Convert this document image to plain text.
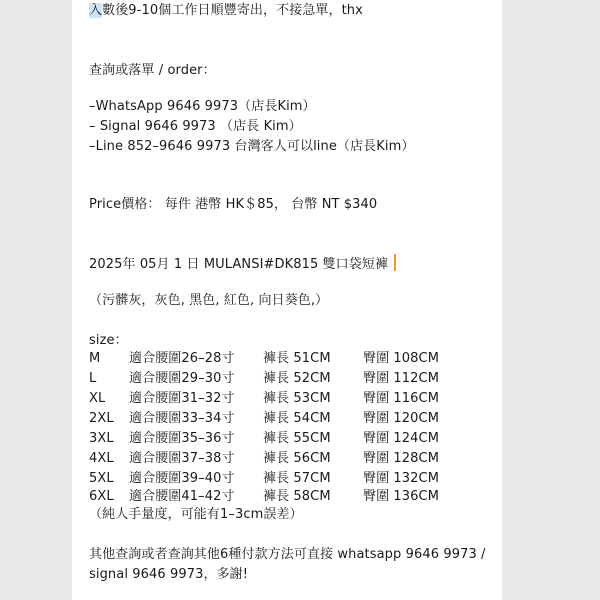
入數後9-10個工作日順豐寄出，不接急單，thx
查詢或落單 / order：
–WhatsApp 9646 9973（店長Kim）
– Signal 9646 9973 （店長 Kim）
–Line 852–9646 9973 台灣客人可以line（店長Kim）
Price價格： 每件 港幣 HK＄85， 台幣 NT $340
2025年 05月 1 日 MULANSI#DK815 雙口袋短褲
（污髒灰，灰色, 黑色, 紅色, 向日葵色,）
size：
M 適合腰圍26–28寸 褲長 51CM 臀圍 108CM
L	適合腰圍29–30寸 褲長 52CM 臀圍 112CM
XL 適合腰圍31–32寸 褲長 53CM 臀圍 116CM
2XL 適合腰圍33–34寸 褲長 54CM 臀圍 120CM
3XL 適合腰圍35–36寸 褲長 55CM 臀圍 124CM
4XL 適合腰圍37–38寸 褲長 56CM 臀圍 128CM
5XL 適合腰圍39–40寸 褲長 57CM 臀圍 132CM
6XL 適合腰圍41–42寸 褲長 58CM 臀圍 136CM
（純人手量度，可能有1–3cm誤差）
其他查詢或者查詢其他6種付款方法可直接 whatsapp 9646 9973 /
signal 9646 9973，多謝!
